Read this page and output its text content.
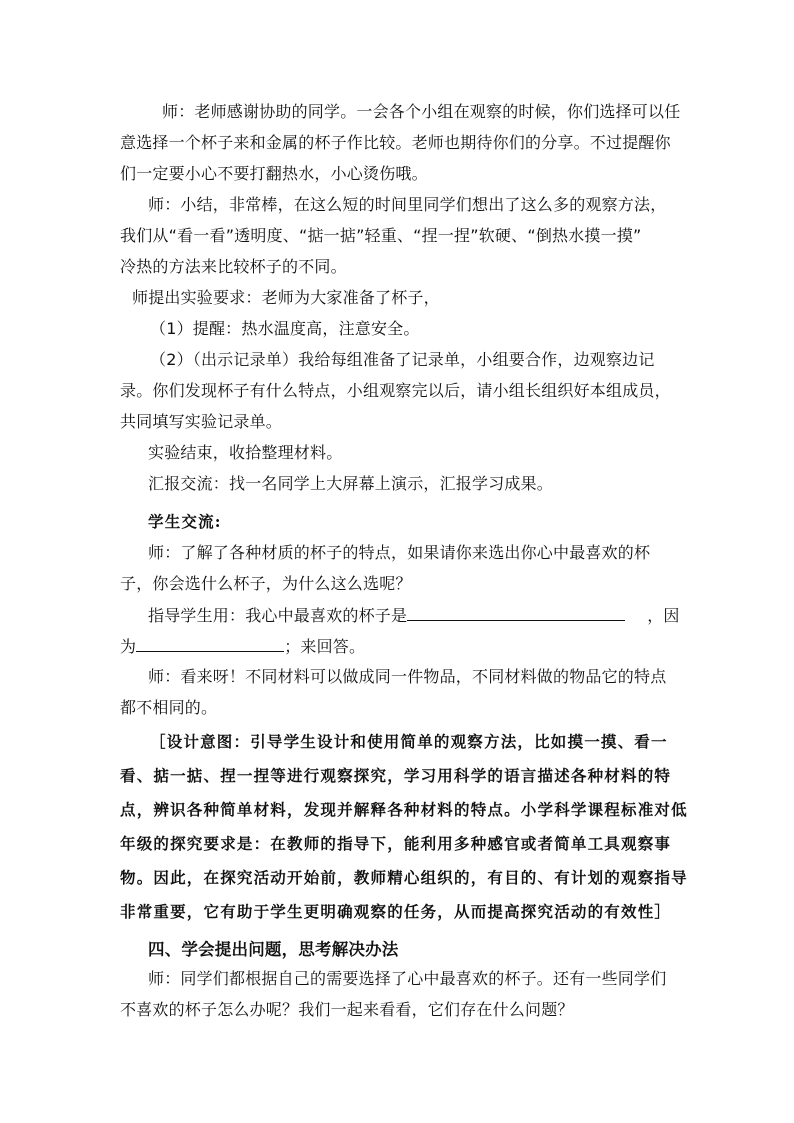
师：老师感谢协助的同学。一会各个小组在观察的时候，你们选择可以任
意选择一个杯子来和金属的杯子作比较。老师也期待你们的分享。不过提醒你
们一定要小心不要打翻热水，小心烫伤哦。
师：小结，非常棒，在这么短的时间里同学们想出了这么多的观察方法，
我们从“看一看”透明度、“掂一掂”轻重、“捏一捏”软硬、“倒热水摸一摸”
冷热的方法来比较杯子的不同。
师提出实验要求：老师为大家准备了杯子，
（1）提醒：热水温度高，注意安全。
（2）（出示记录单）我给每组准备了记录单，小组要合作，边观察边记
录。你们发现杯子有什么特点，小组观察完以后，请小组长组织好本组成员，
共同填写实验记录单。
实验结束，收拾整理材料。
汇报交流：找一名同学上大屏幕上演示，汇报学习成果。
学生交流:
师：了解了各种材质的杯子的特点，如果请你来选出你心中最喜欢的杯
子，你会选什么杯子，为什么这么选呢？
指导学生用：我心中最喜欢的杯子是	，因
为	；来回答。
师：看来呀！不同材料可以做成同一件物品，不同材料做的物品它的特点
都不相同的。
［设计意图：引导学生设计和使用简单的观察方法，比如摸一摸、看一
看、掂一掂、捏一捏等进行观察探究，学习用科学的语言描述各种材料的特
点，辨识各种简单材料，发现并解释各种材料的特点。小学科学课程标准对低
年级的探究要求是：在教师的指导下，能利用多种感官或者简单工具观察事
物。因此，在探究活动开始前，教师精心组织的，有目的、有计划的观察指导
非常重要，它有助于学生更明确观察的任务，从而提高探究活动的有效性］
四、学会提出问题，思考解决办法
师：同学们都根据自己的需要选择了心中最喜欢的杯子。还有一些同学们
不喜欢的杯子怎么办呢？我们一起来看看，它们存在什么问题？
